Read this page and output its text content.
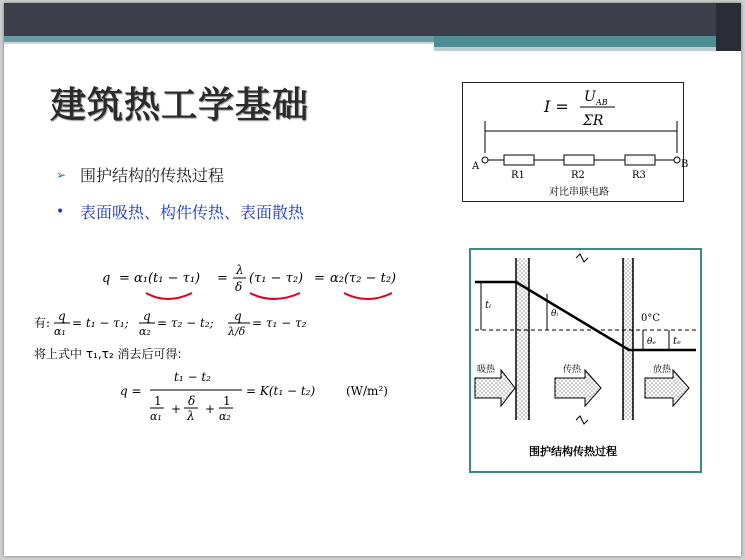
建筑热工学基础
➢ 围护结构的传热过程
• 表面吸热、构件传热、表面散热
I = U AB
ΣR
A	B
R1	R2	R3
对比串联电路
q = α₁(t₁ − τ₁) =
λ
δ
(τ₁ − τ₂) = α₂(τ₂ − t₂)
有: q
α₁
= t₁ − τ₁; q
α₂
= τ₂ − t₂; q
λ/δ
= τ₁ − τ₂
将上式中 τ₁,τ₂ 消去后可得:
q =
t₁ − t₂
1
α₁
+
δ
λ +
1
α₂
= K(t₁ − t₂)	(W/m²)
tᵢ
θᵢ	0°C
θₑ tₑ
吸热	传热	放热
围护结构传热过程
